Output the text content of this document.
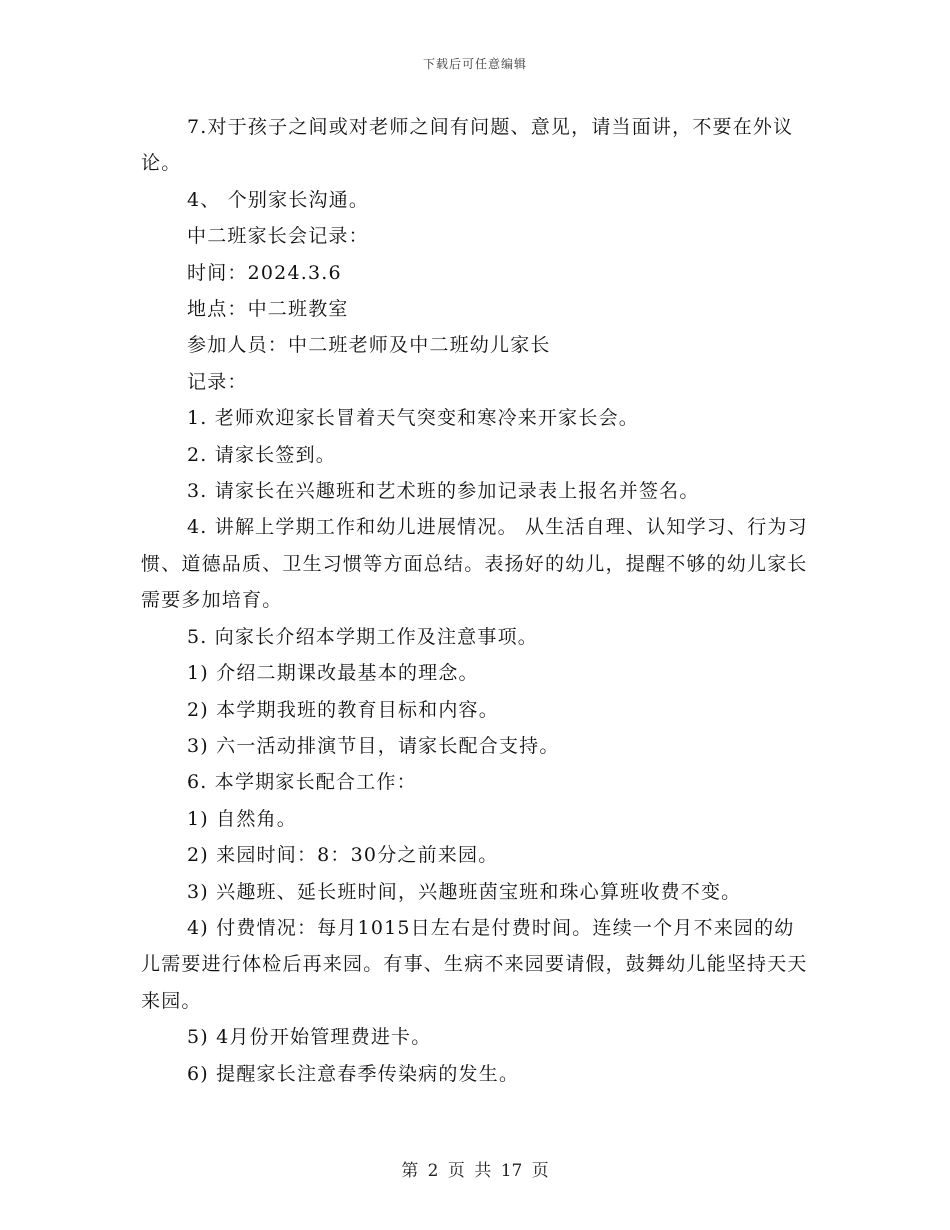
下载后可任意编辑

7.对于孩子之间或对老师之间有问题、意见，请当面讲，不要在外议论。

4、 个别家长沟通。

中二班家长会记录：

时间：2024.3.6

地点：中二班教室

参加人员：中二班老师及中二班幼儿家长

记录：

1. 老师欢迎家长冒着天气突变和寒冷来开家长会。

2. 请家长签到。

3. 请家长在兴趣班和艺术班的参加记录表上报名并签名。

4. 讲解上学期工作和幼儿进展情况。 从生活自理、认知学习、行为习惯、道德品质、卫生习惯等方面总结。表扬好的幼儿，提醒不够的幼儿家长需要多加培育。

5. 向家长介绍本学期工作及注意事项。

1) 介绍二期课改最基本的理念。

2) 本学期我班的教育目标和内容。

3) 六一活动排演节目，请家长配合支持。

6. 本学期家长配合工作：

1) 自然角。

2) 来园时间：8：30分之前来园。

3) 兴趣班、延长班时间，兴趣班茵宝班和珠心算班收费不变。

4) 付费情况：每月1015日左右是付费时间。连续一个月不来园的幼儿需要进行体检后再来园。有事、生病不来园要请假，鼓舞幼儿能坚持天天来园。

5) 4月份开始管理费进卡。

6) 提醒家长注意春季传染病的发生。

第 2 页 共 17 页
